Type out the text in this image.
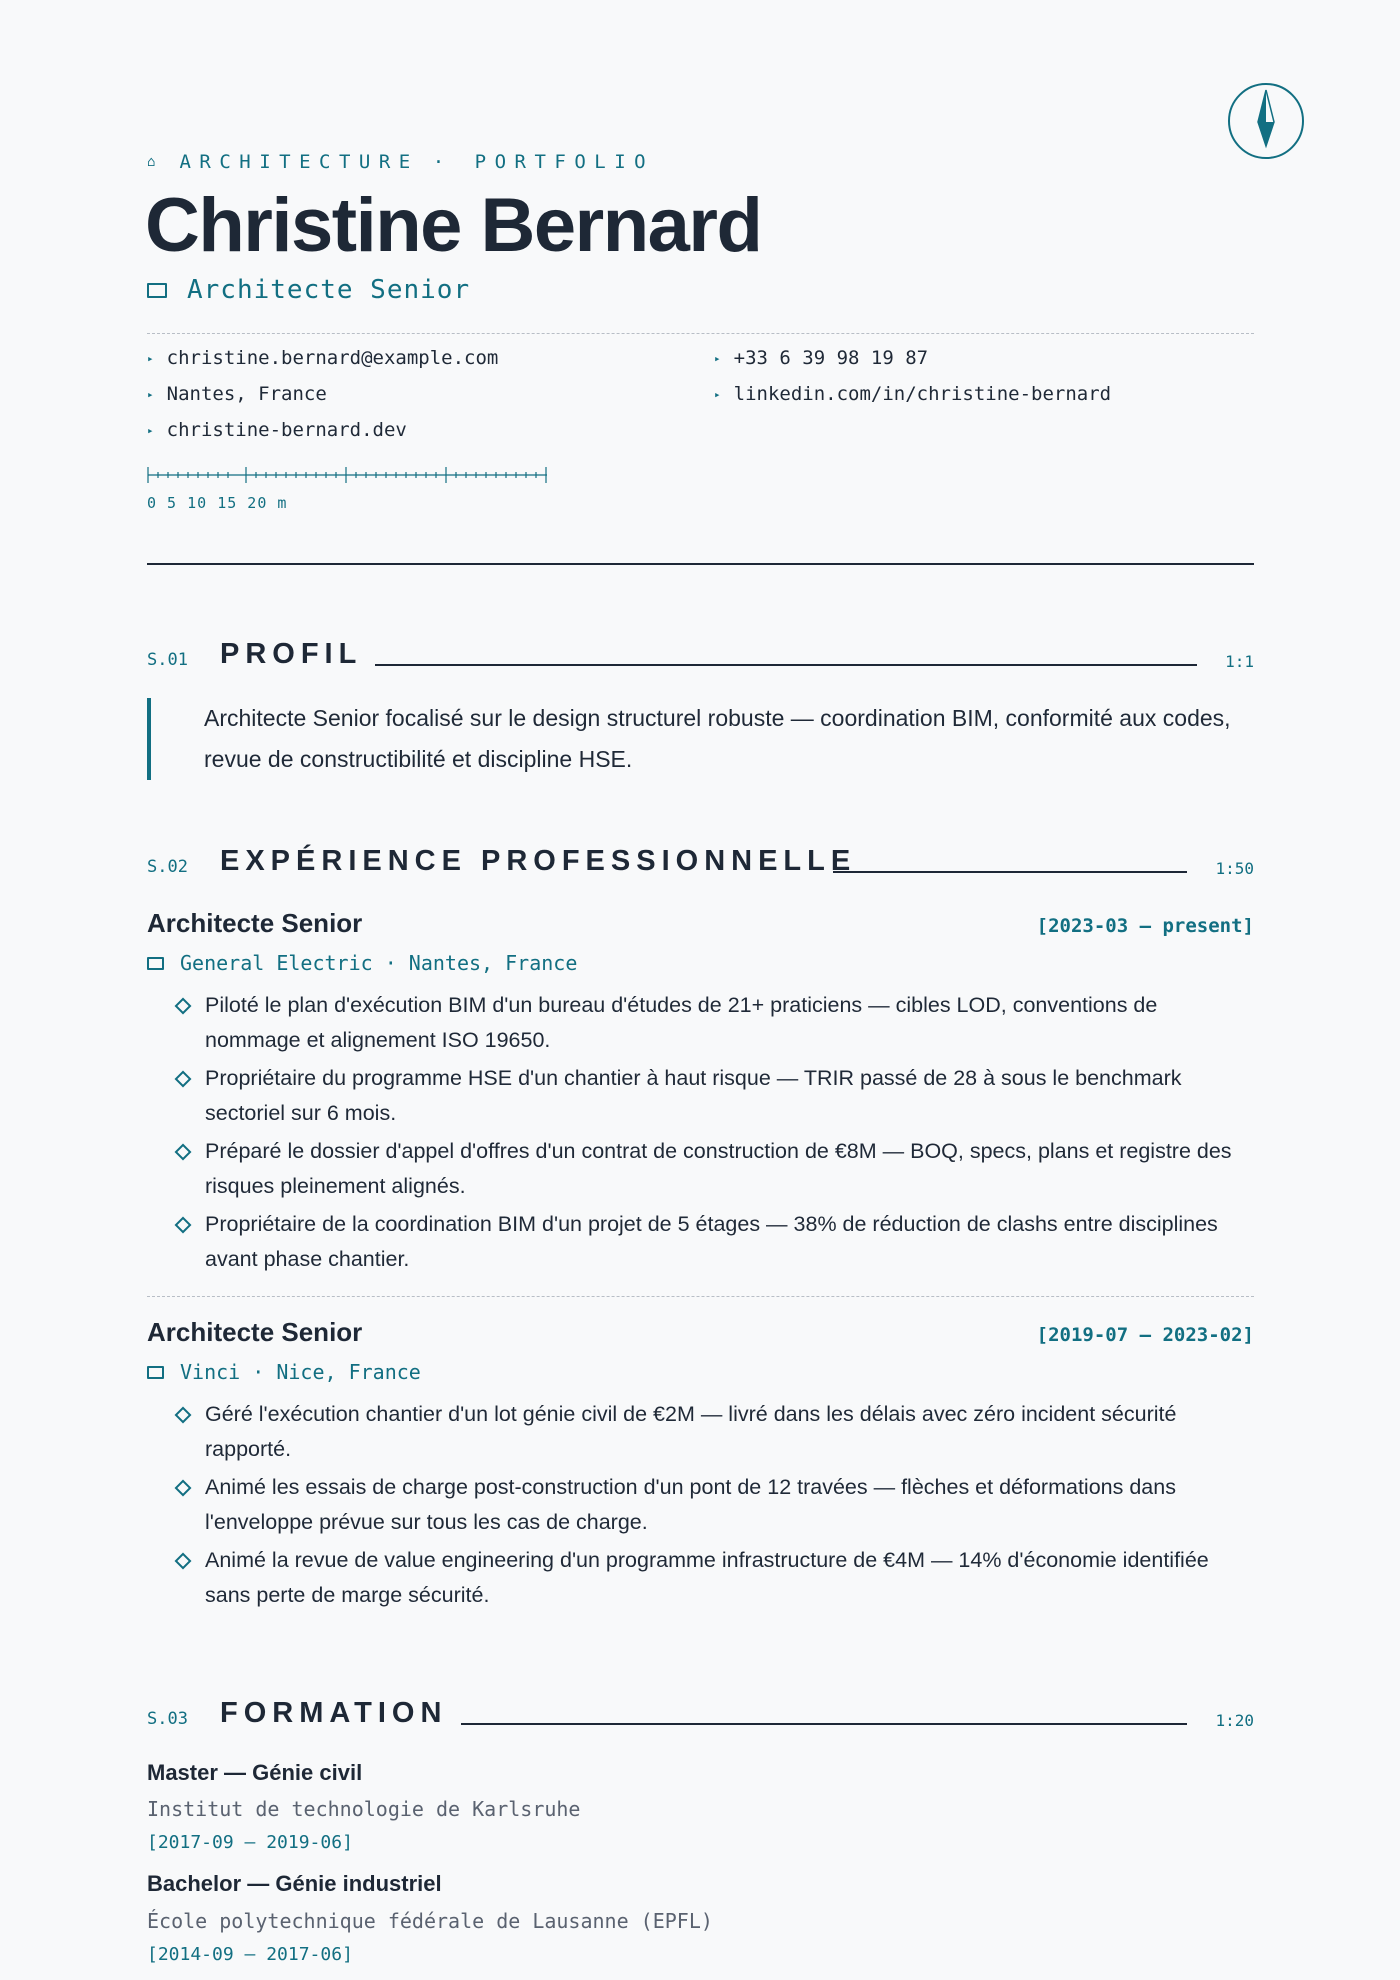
⌂ ARCHITECTURE · PORTFOLIO
Christine Bernard
Architecte Senior
▸ christine.bernard@example.com	▸ +33 6 39 98 19 87
▸ Nantes, France	▸ linkedin.com/in/christine-bernard
▸ christine-bernard.dev
0 5 10 15 20 m
S.01 PROFIL	1:1
Architecte Senior focalisé sur le design structurel robuste — coordination BIM, conformité aux codes, revue de constructibilité et discipline HSE.
S.02 EXPÉRIENCE PROFESSIONNELLE	1:50
Architecte Senior	[2023-03 — present]
General Electric · Nantes, France
Piloté le plan d'exécution BIM d'un bureau d'études de 21+ praticiens — cibles LOD, conventions de nommage et alignement ISO 19650.
Propriétaire du programme HSE d'un chantier à haut risque — TRIR passé de 28 à sous le benchmark sectoriel sur 6 mois.
Préparé le dossier d'appel d'offres d'un contrat de construction de €8M — BOQ, specs, plans et registre des risques pleinement alignés.
Propriétaire de la coordination BIM d'un projet de 5 étages — 38% de réduction de clashs entre disciplines avant phase chantier.
Architecte Senior	[2019-07 — 2023-02]
Vinci · Nice, France
Géré l'exécution chantier d'un lot génie civil de €2M — livré dans les délais avec zéro incident sécurité rapporté.
Animé les essais de charge post-construction d'un pont de 12 travées — flèches et déformations dans l'enveloppe prévue sur tous les cas de charge.
Animé la revue de value engineering d'un programme infrastructure de €4M — 14% d'économie identifiée sans perte de marge sécurité.
S.03 FORMATION	1:20
Master — Génie civil
Institut de technologie de Karlsruhe
[2017-09 – 2019-06]
Bachelor — Génie industriel
École polytechnique fédérale de Lausanne (EPFL)
[2014-09 – 2017-06]
